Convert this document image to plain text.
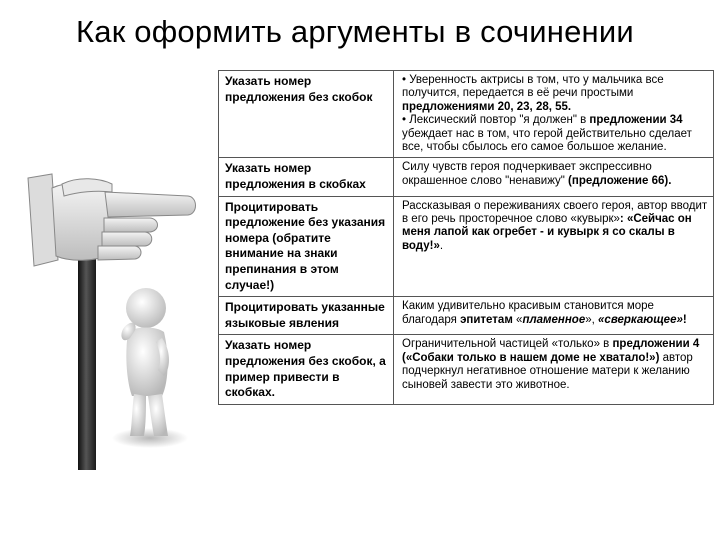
Как оформить аргументы в сочинении
Указать номер предложения без скобок	• Уверенность актрисы в том, что у мальчика все получится, передается в её речи простыми предложениями 20, 23, 28, 55.
• Лексический повтор "я должен" в предложении 34 убеждает нас в том, что герой действительно сделает все, чтобы сбылось его самое большое желание.

Указать номер предложения в скобках	Силу чувств героя подчеркивает экспрессивно окрашенное слово "ненавижу" (предложение 66).

Процитировать предложение без указания номера (обратите внимание на знаки препинания в этом случае!)	Рассказывая о переживаниях своего героя, автор вводит в его речь просторечное слово «кувырк»: «Сейчас он меня лапой как огребет - и кувырк я со скалы в воду!».

Процитировать указанные языковые явления	Каким удивительно красивым становится море благодаря эпитетам «пламенное», «сверкающее»!

Указать номер предложения без скобок, а пример привести в скобках.	Ограничительной частицей «только» в предложении 4 («Собаки только в нашем доме не хватало!») автор подчеркнул негативное отношение матери к желанию сыновей завести это животное.
